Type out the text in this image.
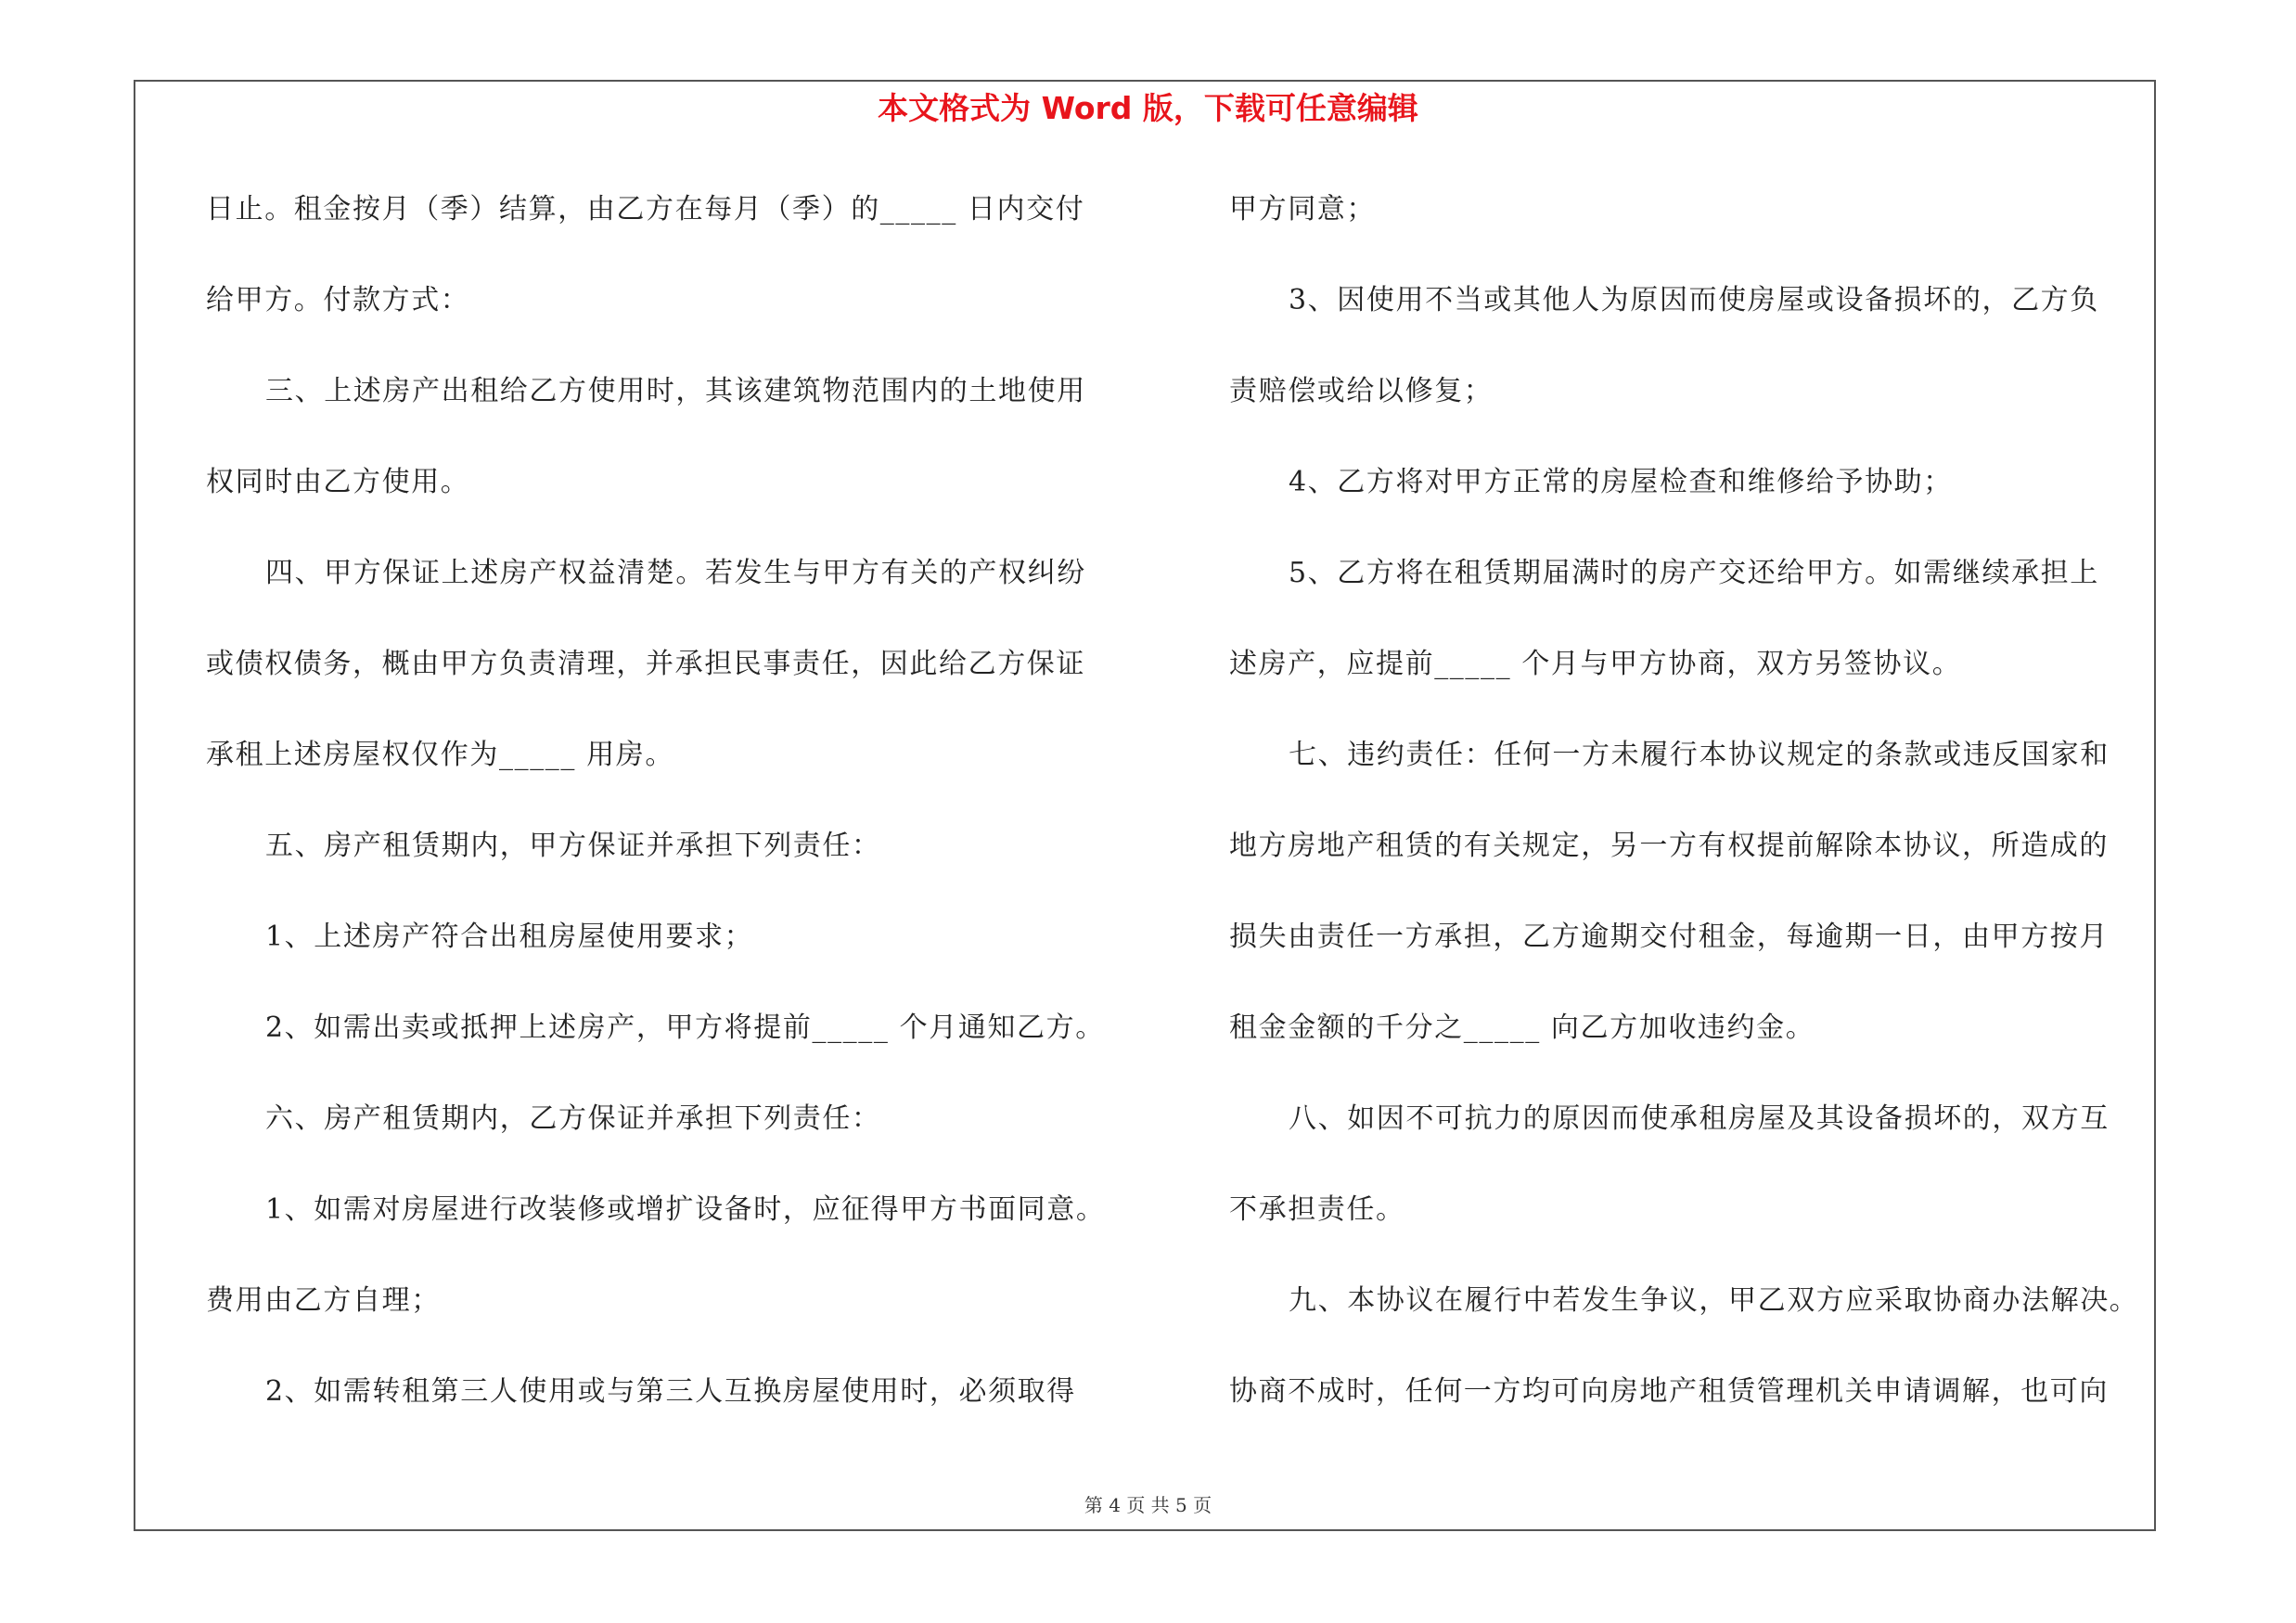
本文格式为 Word 版，下载可任意编辑
日止。租金按月（季）结算，由乙方在每月（季）的_____ 日内交付
给甲方。付款方式：
三、上述房产出租给乙方使用时，其该建筑物范围内的土地使用
权同时由乙方使用。
四、甲方保证上述房产权益清楚。若发生与甲方有关的产权纠纷
或债权债务，概由甲方负责清理，并承担民事责任，因此给乙方保证
承租上述房屋权仅作为_____ 用房。
五、房产租赁期内，甲方保证并承担下列责任：
1、上述房产符合出租房屋使用要求；
2、如需出卖或抵押上述房产，甲方将提前_____ 个月通知乙方。
六、房产租赁期内，乙方保证并承担下列责任：
1、如需对房屋进行改装修或增扩设备时，应征得甲方书面同意。
费用由乙方自理；
2、如需转租第三人使用或与第三人互换房屋使用时，必须取得
甲方同意；
3、因使用不当或其他人为原因而使房屋或设备损坏的，乙方负
责赔偿或给以修复；
4、乙方将对甲方正常的房屋检查和维修给予协助；
5、乙方将在租赁期届满时的房产交还给甲方。如需继续承担上
述房产，应提前_____ 个月与甲方协商，双方另签协议。
七、违约责任：任何一方未履行本协议规定的条款或违反国家和
地方房地产租赁的有关规定，另一方有权提前解除本协议，所造成的
损失由责任一方承担，乙方逾期交付租金，每逾期一日，由甲方按月
租金金额的千分之_____ 向乙方加收违约金。
八、如因不可抗力的原因而使承租房屋及其设备损坏的，双方互
不承担责任。
九、本协议在履行中若发生争议，甲乙双方应采取协商办法解决。
协商不成时，任何一方均可向房地产租赁管理机关申请调解，也可向
第 4 页 共 5 页
